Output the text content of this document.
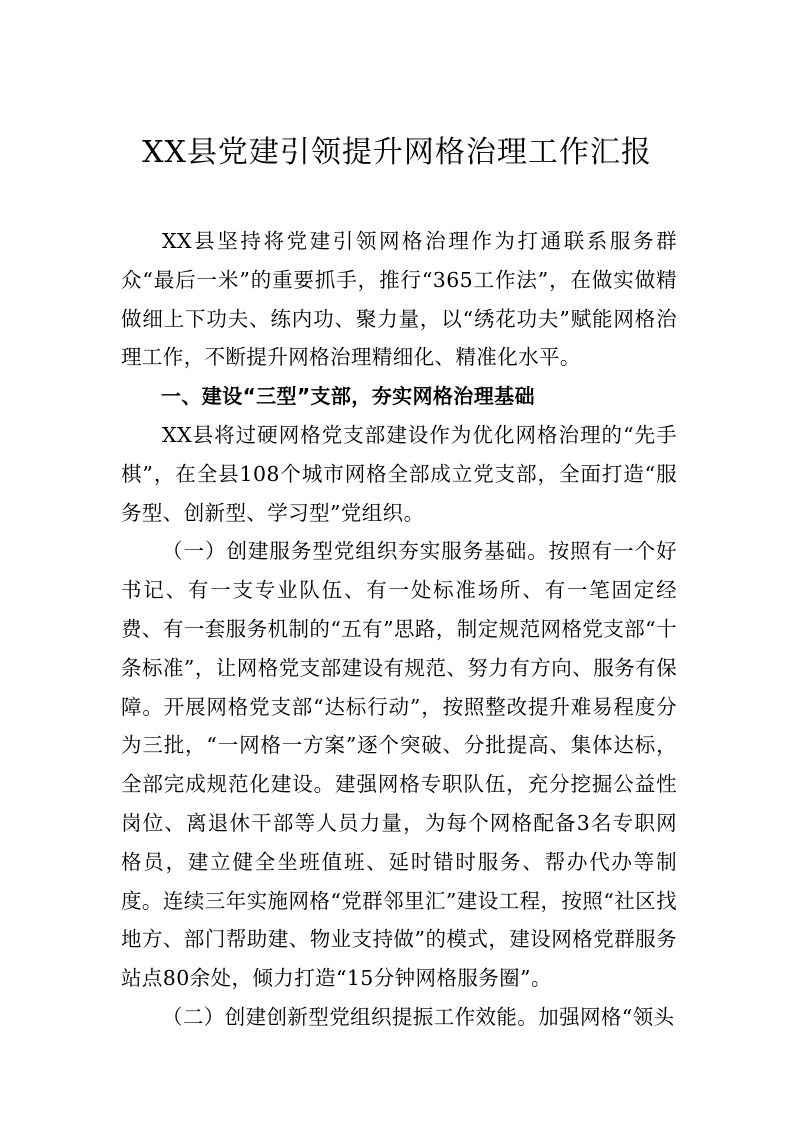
XX县党建引领提升网格治理工作汇报

XX县坚持将党建引领网格治理作为打通联系服务群众“最后一米”的重要抓手，推行“365工作法”，在做实做精做细上下功夫、练内功、聚力量，以“绣花功夫”赋能网格治理工作，不断提升网格治理精细化、精准化水平。

一、建设“三型”支部，夯实网格治理基础

XX县将过硬网格党支部建设作为优化网格治理的“先手棋”，在全县108个城市网格全部成立党支部，全面打造“服务型、创新型、学习型”党组织。

（一）创建服务型党组织夯实服务基础。按照有一个好书记、有一支专业队伍、有一处标准场所、有一笔固定经费、有一套服务机制的“五有”思路，制定规范网格党支部“十条标准”，让网格党支部建设有规范、努力有方向、服务有保障。开展网格党支部“达标行动”，按照整改提升难易程度分为三批，“一网格一方案”逐个突破、分批提高、集体达标，全部完成规范化建设。建强网格专职队伍，充分挖掘公益性岗位、离退休干部等人员力量，为每个网格配备3名专职网格员，建立健全坐班值班、延时错时服务、帮办代办等制度。连续三年实施网格“党群邻里汇”建设工程，按照“社区找地方、部门帮助建、物业支持做”的模式，建设网格党群服务站点80余处，倾力打造“15分钟网格服务圈”。

（二）创建创新型党组织提振工作效能。加强网格“领头
